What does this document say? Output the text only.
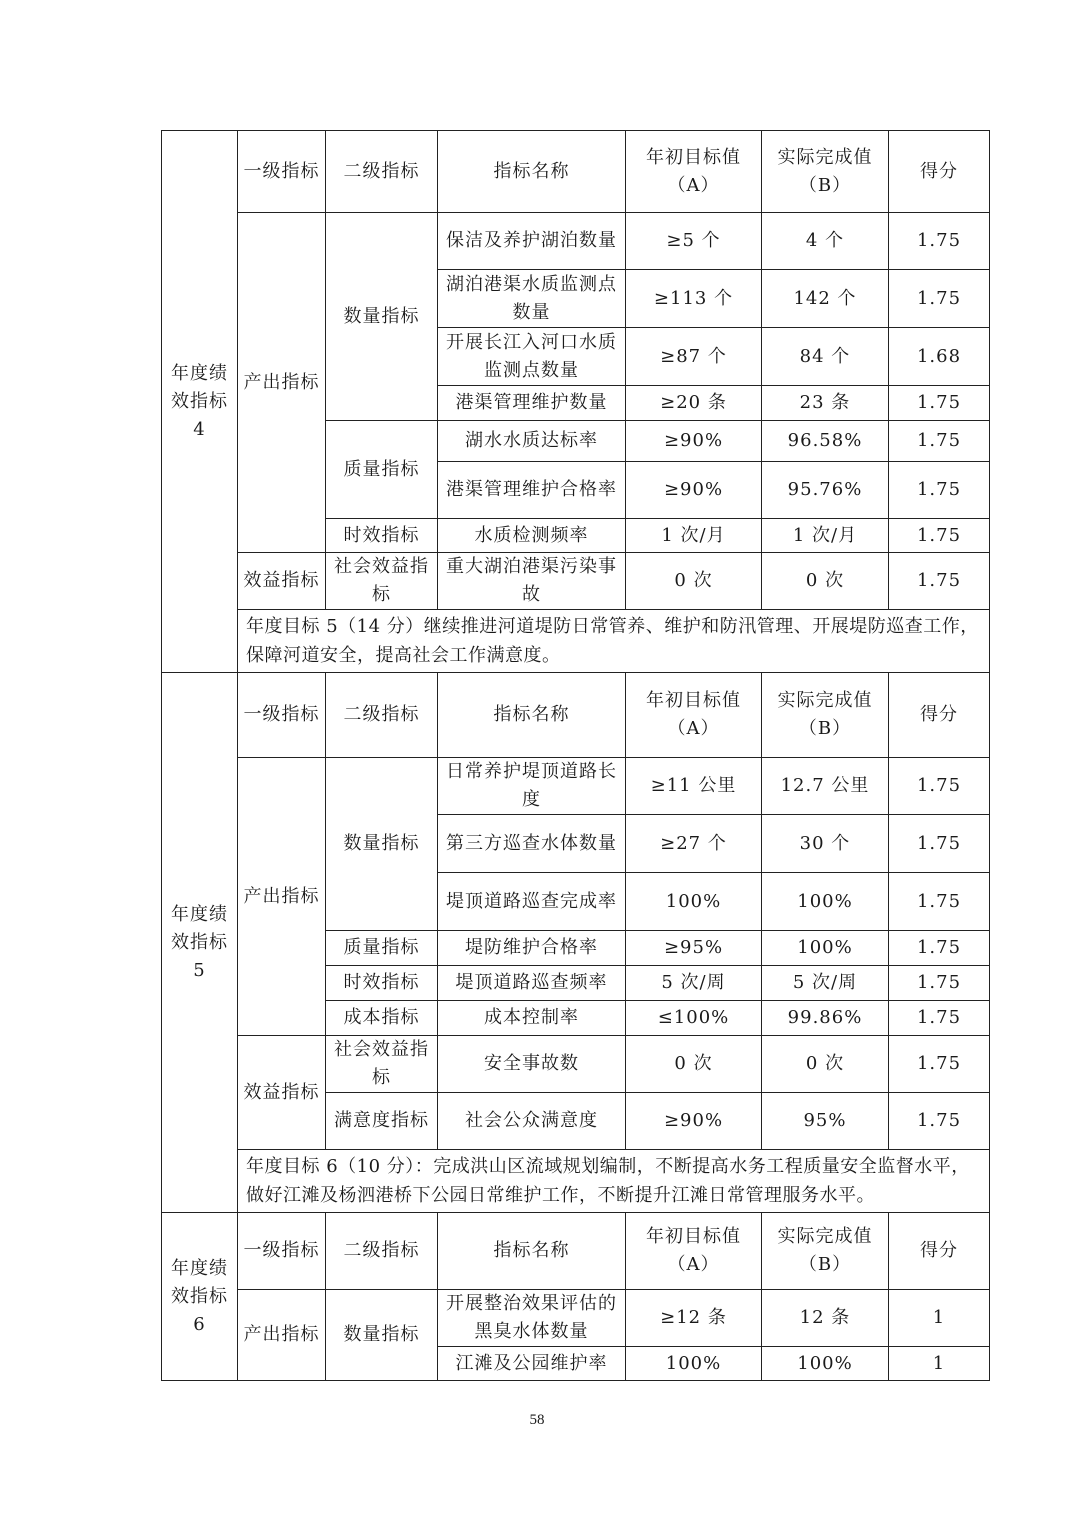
年度绩效指标 4	一级指标	二级指标	指标名称	年初目标值（A）	实际完成值（B）	得分
	产出指标	数量指标	保洁及养护湖泊数量	≥5 个	4 个	1.75
			湖泊港渠水质监测点数量	≥113 个	142 个	1.75
			开展长江入河口水质监测点数量	≥87 个	84 个	1.68
			港渠管理维护数量	≥20 条	23 条	1.75
		质量指标	湖水水质达标率	≥90%	96.58%	1.75
			港渠管理维护合格率	≥90%	95.76%	1.75
		时效指标	水质检测频率	1 次/月	1 次/月	1.75
	效益指标	社会效益指标	重大湖泊港渠污染事故	0 次	0 次	1.75
	年度目标 5（14 分）继续推进河道堤防日常管养、维护和防汛管理、开展堤防巡查工作，保障河道安全，提高社会工作满意度。					
年度绩效指标 5	一级指标	二级指标	指标名称	年初目标值（A）	实际完成值（B）	得分
	产出指标	数量指标	日常养护堤顶道路长度	≥11 公里	12.7 公里	1.75
			第三方巡查水体数量	≥27 个	30 个	1.75
			堤顶道路巡查完成率	100%	100%	1.75
		质量指标	堤防维护合格率	≥95%	100%	1.75
		时效指标	堤顶道路巡查频率	5 次/周	5 次/周	1.75
		成本指标	成本控制率	≤100%	99.86%	1.75
	效益指标	社会效益指标	安全事故数	0 次	0 次	1.75
		满意度指标	社会公众满意度	≥90%	95%	1.75
	年度目标 6（10 分）：完成洪山区流域规划编制，不断提高水务工程质量安全监督水平，做好江滩及杨泗港桥下公园日常维护工作，不断提升江滩日常管理服务水平。					
年度绩效指标 6	一级指标	二级指标	指标名称	年初目标值（A）	实际完成值（B）	得分
	产出指标	数量指标	开展整治效果评估的黑臭水体数量	≥12 条	12 条	1
			江滩及公园维护率	100%	100%	1
58
